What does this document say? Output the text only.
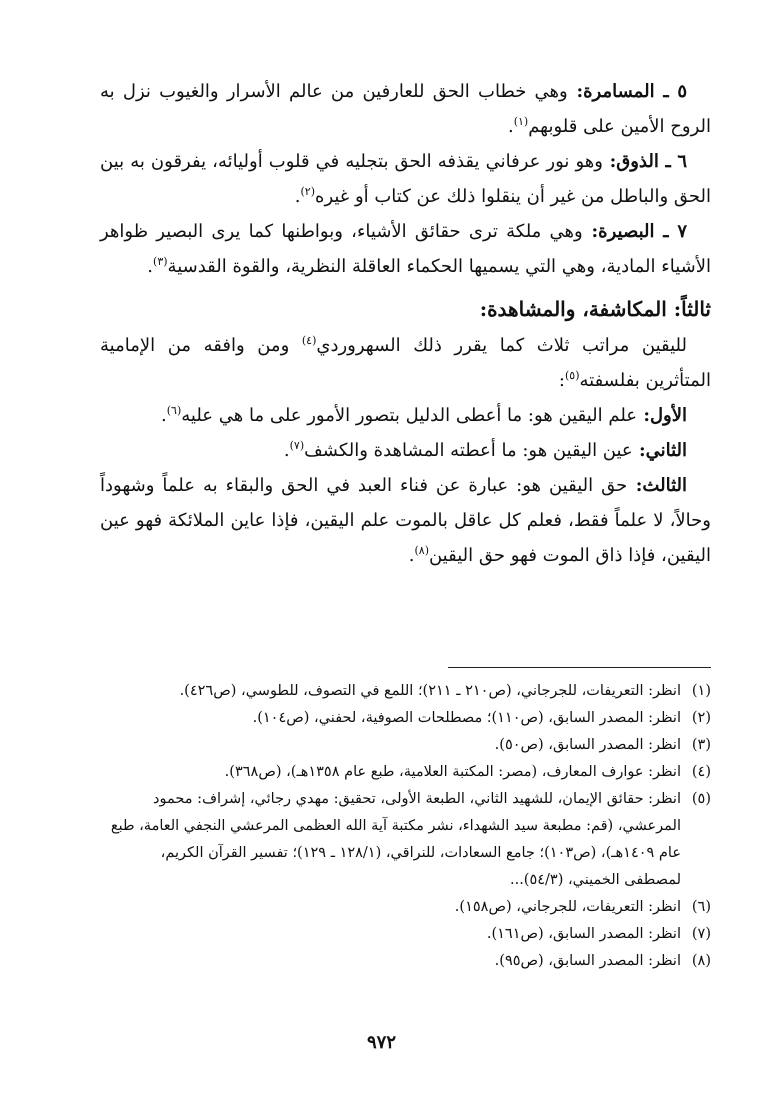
٥ ـ المسامرة: وهي خطاب الحق للعارفين من عالم الأسرار والغيوب نزل به الروح الأمين على قلوبهم$^{(١)}$.

٦ ـ الذوق: وهو نور عرفاني يقذفه الحق بتجليه في قلوب أوليائه، يفرقون به بين الحق والباطل من غير أن ينقلوا ذلك عن كتاب أو غيره$^{(٢)}$.

٧ ـ البصيرة: وهي ملكة ترى حقائق الأشياء، وبواطنها كما يرى البصير ظواهر الأشياء المادية، وهي التي يسميها الحكماء العاقلة النظرية، والقوة القدسية$^{(٣)}$.

ثالثاً: المكاشفة، والمشاهدة:

لليقين مراتب ثلاث كما يقرر ذلك السهروردي$^{(٤)}$ ومن وافقه من الإمامية المتأثرين بفلسفته$^{(٥)}$:

الأول: علم اليقين هو: ما أعطى الدليل بتصور الأمور على ما هي عليه$^{(٦)}$.

الثاني: عين اليقين هو: ما أعطته المشاهدة والكشف$^{(٧)}$.

الثالث: حق اليقين هو: عبارة عن فناء العبد في الحق والبقاء به علماً وشهوداً وحالاً، لا علماً فقط، فعلم كل عاقل بالموت علم اليقين، فإذا عاين الملائكة فهو عين اليقين، فإذا ذاق الموت فهو حق اليقين$^{(٨)}$.

(١)
انظر: التعريفات، للجرجاني، (ص٢١٠ ـ ٢١١)؛ اللمع في التصوف، للطوسي، (ص٤٢٦).
(٢)
انظر: المصدر السابق، (ص١١٠)؛ مصطلحات الصوفية، لحفني، (ص١٠٤).
(٣)
انظر: المصدر السابق، (ص٥٠).
(٤)
انظر: عوارف المعارف، (مصر: المكتبة العلامية، طبع عام ١٣٥٨هـ)، (ص٣٦٨).
(٥)
انظر: حقائق الإيمان، للشهيد الثاني، الطبعة الأولى، تحقيق: مهدي رجائي، إشراف: محمود المرعشي، (قم: مطبعة سيد الشهداء، نشر مكتبة آية الله العظمى المرعشي النجفي العامة، طبع عام ١٤٠٩هـ)، (ص١٠٣)؛ جامع السعادات، للنراقي، (١٢٨/١ ـ ١٢٩)؛ تفسير القرآن الكريم، لمصطفى الخميني، (٥٤/٣)...
(٦)
انظر: التعريفات، للجرجاني، (ص١٥٨).
(٧)
انظر: المصدر السابق، (ص١٦١).
(٨)
انظر: المصدر السابق، (ص٩٥).
٩٧٢
